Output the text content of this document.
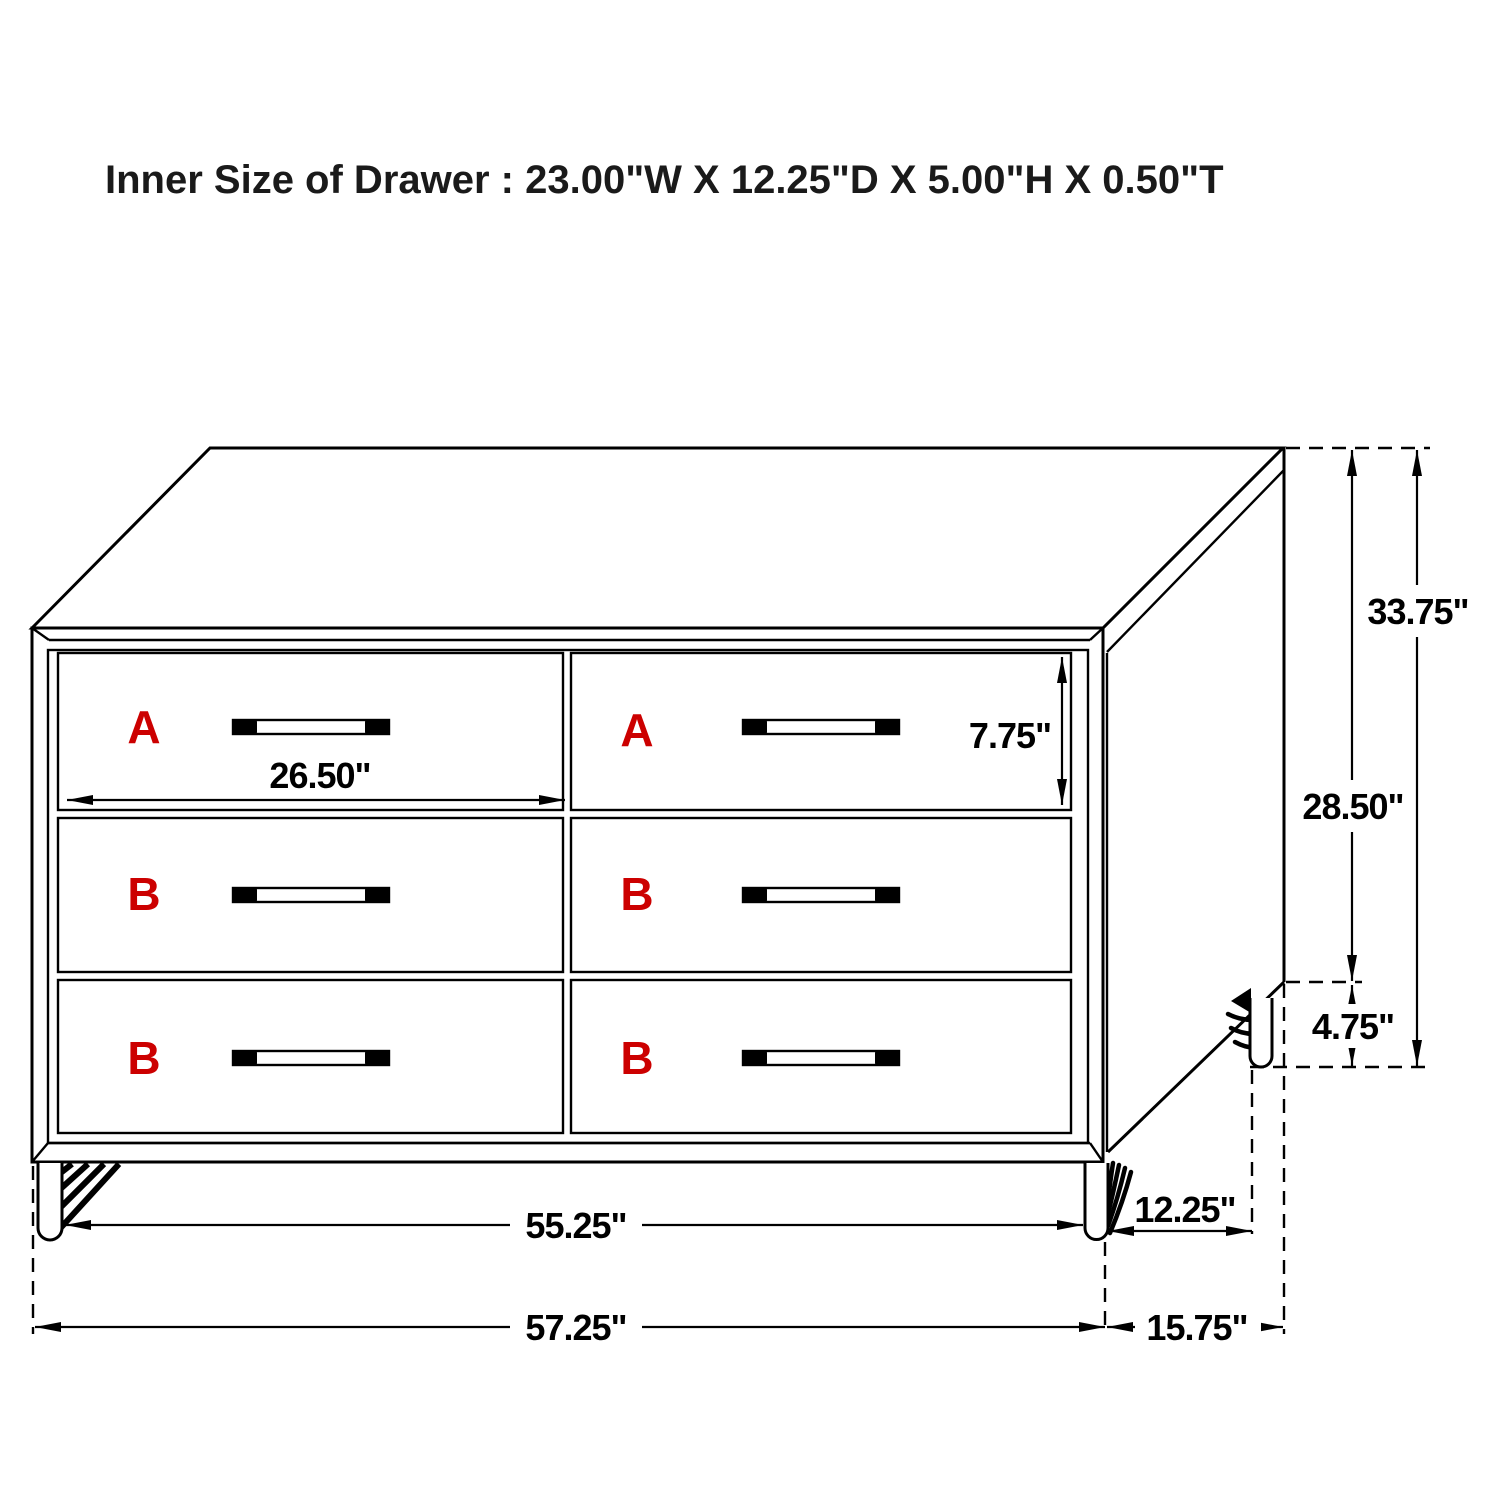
Inner Size of Drawer : 23.00"W X 12.25"D X 5.00"H X 0.50"T
A	A
B	B
B	B
7.75"
26.50"
33.75"
28.50"
4.75"
55.25"
57.25"
12.25"
15.75"
